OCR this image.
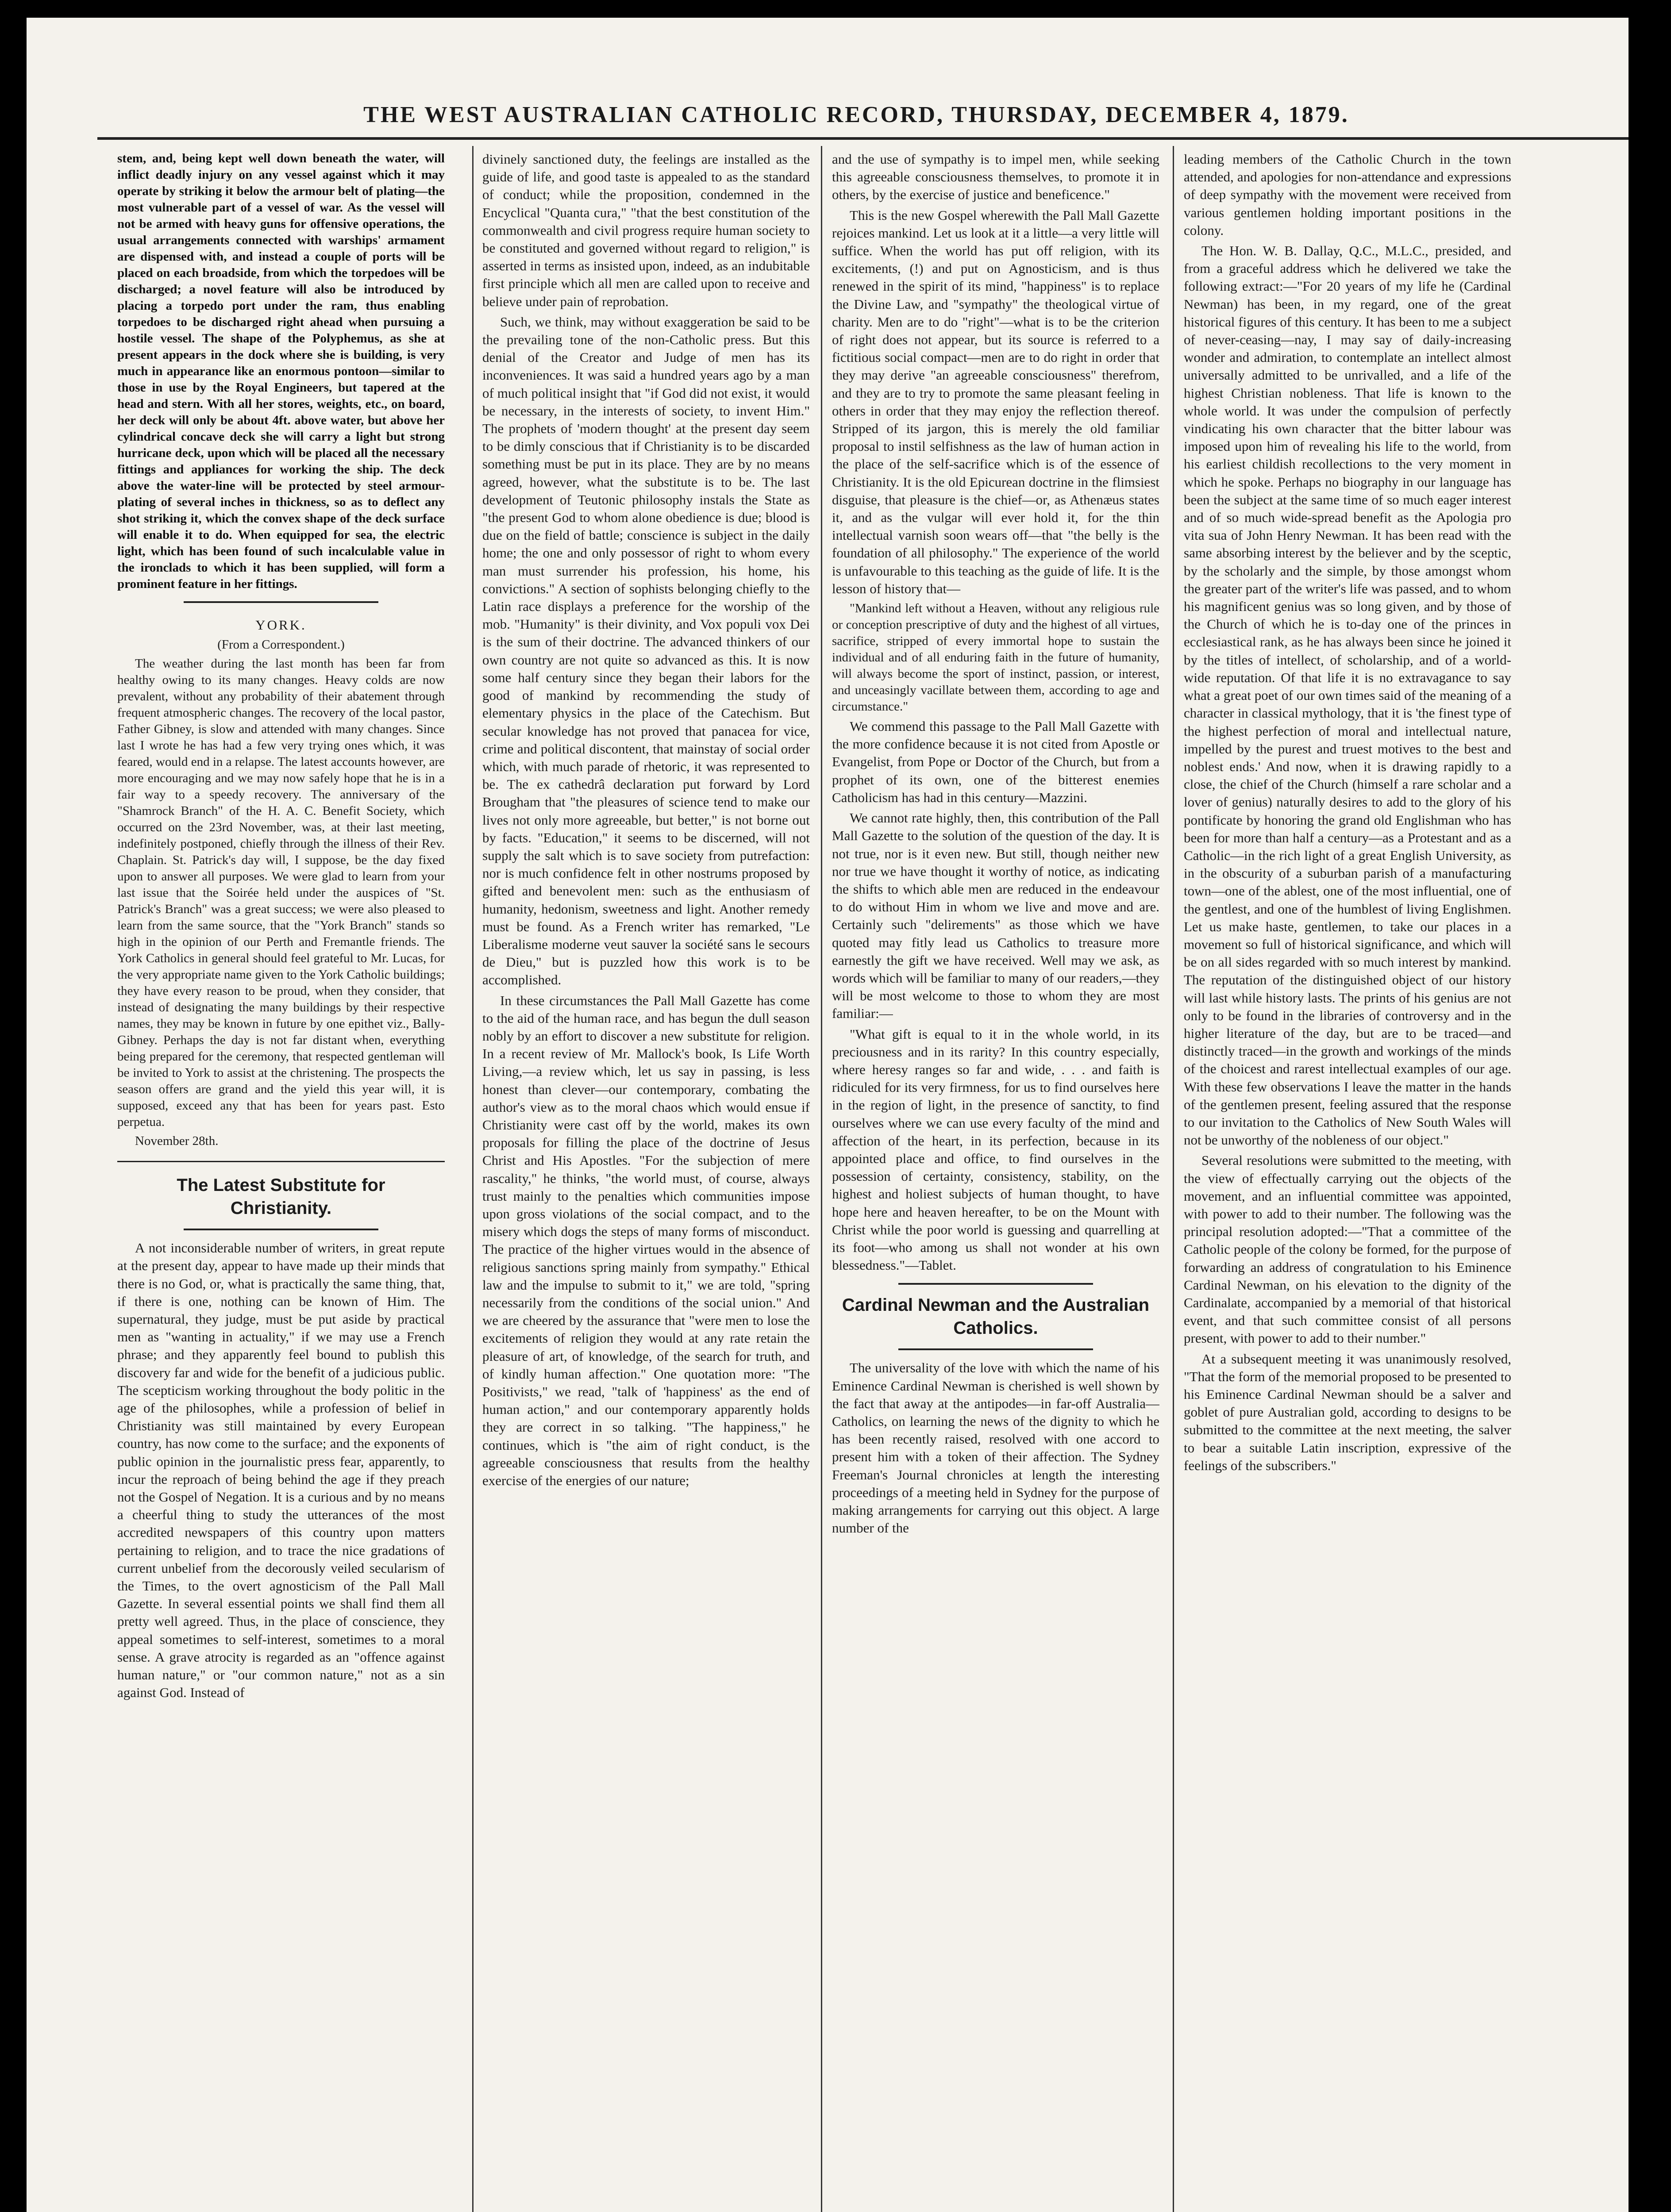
THE WEST AUSTRALIAN CATHOLIC RECORD, THURSDAY, DECEMBER 4, 1879.

stem, and, being kept well down beneath the water, will inflict deadly injury on any vessel against which it may operate by striking it below the armour belt of plating—the most vulnerable part of a vessel of war. As the vessel will not be armed with heavy guns for offensive operations, the usual arrangements connected with warships' armament are dispensed with, and instead a couple of ports will be placed on each broadside, from which the torpedoes will be discharged; a novel feature will also be introduced by placing a torpedo port under the ram, thus enabling torpedoes to be discharged right ahead when pursuing a hostile vessel. The shape of the Polyphemus, as she at present appears in the dock where she is building, is very much in appearance like an enormous pontoon—similar to those in use by the Royal Engineers, but tapered at the head and stern. With all her stores, weights, etc., on board, her deck will only be about 4ft. above water, but above her cylindrical concave deck she will carry a light but strong hurricane deck, upon which will be placed all the necessary fittings and appliances for working the ship. The deck above the water-line will be protected by steel armour-plating of several inches in thickness, so as to deflect any shot striking it, which the convex shape of the deck surface will enable it to do. When equipped for sea, the electric light, which has been found of such incalculable value in the ironclads to which it has been supplied, will form a prominent feature in her fittings.

YORK.

(From a Correspondent.)

The weather during the last month has been far from healthy owing to its many changes. Heavy colds are now prevalent, without any probability of their abatement through frequent atmospheric changes. The recovery of the local pastor, Father Gibney, is slow and attended with many changes. Since last I wrote he has had a few very trying ones which, it was feared, would end in a relapse. The latest accounts however, are more encouraging and we may now safely hope that he is in a fair way to a speedy recovery. The anniversary of the "Shamrock Branch" of the H. A. C. Benefit Society, which occurred on the 23rd November, was, at their last meeting, indefinitely postponed, chiefly through the illness of their Rev. Chaplain. St. Patrick's day will, I suppose, be the day fixed upon to answer all purposes. We were glad to learn from your last issue that the Soirée held under the auspices of "St. Patrick's Branch" was a great success; we were also pleased to learn from the same source, that the "York Branch" stands so high in the opinion of our Perth and Fremantle friends. The York Catholics in general should feel grateful to Mr. Lucas, for the very appropriate name given to the York Catholic buildings; they have every reason to be proud, when they consider, that instead of designating the many buildings by their respective names, they may be known in future by one epithet viz., Bally-Gibney. Perhaps the day is not far distant when, everything being prepared for the ceremony, that respected gentleman will be invited to York to assist at the christening. The prospects the season offers are grand and the yield this year will, it is supposed, exceed any that has been for years past. Esto perpetua.

November 28th.

The Latest Substitute for Christianity.

A not inconsiderable number of writers, in great repute at the present day, appear to have made up their minds that there is no God, or, what is practically the same thing, that, if there is one, nothing can be known of Him. The supernatural, they judge, must be put aside by practical men as "wanting in actuality," if we may use a French phrase; and they apparently feel bound to publish this discovery far and wide for the benefit of a judicious public. The scepticism working throughout the body politic in the age of the philosophes, while a profession of belief in Christianity was still maintained by every European country, has now come to the surface; and the exponents of public opinion in the journalistic press fear, apparently, to incur the reproach of being behind the age if they preach not the Gospel of Negation. It is a curious and by no means a cheerful thing to study the utterances of the most accredited newspapers of this country upon matters pertaining to religion, and to trace the nice gradations of current unbelief from the decorously veiled secularism of the Times, to the overt agnosticism of the Pall Mall Gazette. In several essential points we shall find them all pretty well agreed. Thus, in the place of conscience, they appeal sometimes to self-interest, sometimes to a moral sense. A grave atrocity is regarded as an "offence against human nature," or "our common nature," not as a sin against God. Instead of

divinely sanctioned duty, the feelings are installed as the guide of life, and good taste is appealed to as the standard of conduct; while the proposition, condemned in the Encyclical "Quanta cura," "that the best constitution of the commonwealth and civil progress require human society to be constituted and governed without regard to religion," is asserted in terms as insisted upon, indeed, as an indubitable first principle which all men are called upon to receive and believe under pain of reprobation.

Such, we think, may without exaggeration be said to be the prevailing tone of the non-Catholic press. But this denial of the Creator and Judge of men has its inconveniences. It was said a hundred years ago by a man of much political insight that "if God did not exist, it would be necessary, in the interests of society, to invent Him." The prophets of 'modern thought' at the present day seem to be dimly conscious that if Christianity is to be discarded something must be put in its place. They are by no means agreed, however, what the substitute is to be. The last development of Teutonic philosophy instals the State as "the present God to whom alone obedience is due; blood is due on the field of battle; conscience is subject in the daily home; the one and only possessor of right to whom every man must surrender his profession, his home, his convictions." A section of sophists belonging chiefly to the Latin race displays a preference for the worship of the mob. "Humanity" is their divinity, and Vox populi vox Dei is the sum of their doctrine. The advanced thinkers of our own country are not quite so advanced as this. It is now some half century since they began their labors for the good of mankind by recommending the study of elementary physics in the place of the Catechism. But secular knowledge has not proved that panacea for vice, crime and political discontent, that mainstay of social order which, with much parade of rhetoric, it was represented to be. The ex cathedrâ declaration put forward by Lord Brougham that "the pleasures of science tend to make our lives not only more agreeable, but better," is not borne out by facts. "Education," it seems to be discerned, will not supply the salt which is to save society from putrefaction: nor is much confidence felt in other nostrums proposed by gifted and benevolent men: such as the enthusiasm of humanity, hedonism, sweetness and light. Another remedy must be found. As a French writer has remarked, "Le Liberalisme moderne veut sauver la société sans le secours de Dieu," but is puzzled how this work is to be accomplished.

In these circumstances the Pall Mall Gazette has come to the aid of the human race, and has begun the dull season nobly by an effort to discover a new substitute for religion. In a recent review of Mr. Mallock's book, Is Life Worth Living,—a review which, let us say in passing, is less honest than clever—our contemporary, combating the author's view as to the moral chaos which would ensue if Christianity were cast off by the world, makes its own proposals for filling the place of the doctrine of Jesus Christ and His Apostles. "For the subjection of mere rascality," he thinks, "the world must, of course, always trust mainly to the penalties which communities impose upon gross violations of the social compact, and to the misery which dogs the steps of many forms of misconduct. The practice of the higher virtues would in the absence of religious sanctions spring mainly from sympathy." Ethical law and the impulse to submit to it," we are told, "spring necessarily from the conditions of the social union." And we are cheered by the assurance that "were men to lose the excitements of religion they would at any rate retain the pleasure of art, of knowledge, of the search for truth, and of kindly human affection." One quotation more: "The Positivists," we read, "talk of 'happiness' as the end of human action," and our contemporary apparently holds they are correct in so talking. "The happiness," he continues, which is "the aim of right conduct, is the agreeable consciousness that results from the healthy exercise of the energies of our nature;

and the use of sympathy is to impel men, while seeking this agreeable consciousness themselves, to promote it in others, by the exercise of justice and beneficence."

This is the new Gospel wherewith the Pall Mall Gazette rejoices mankind. Let us look at it a little—a very little will suffice. When the world has put off religion, with its excitements, (!) and put on Agnosticism, and is thus renewed in the spirit of its mind, "happiness" is to replace the Divine Law, and "sympathy" the theological virtue of charity. Men are to do "right"—what is to be the criterion of right does not appear, but its source is referred to a fictitious social compact—men are to do right in order that they may derive "an agreeable consciousness" therefrom, and they are to try to promote the same pleasant feeling in others in order that they may enjoy the reflection thereof. Stripped of its jargon, this is merely the old familiar proposal to instil selfishness as the law of human action in the place of the self-sacrifice which is of the essence of Christianity. It is the old Epicurean doctrine in the flimsiest disguise, that pleasure is the chief—or, as Athenæus states it, and as the vulgar will ever hold it, for the thin intellectual varnish soon wears off—that "the belly is the foundation of all philosophy." The experience of the world is unfavourable to this teaching as the guide of life. It is the lesson of history that—

"Mankind left without a Heaven, without any religious rule or conception prescriptive of duty and the highest of all virtues, sacrifice, stripped of every immortal hope to sustain the individual and of all enduring faith in the future of humanity, will always become the sport of instinct, passion, or interest, and unceasingly vacillate between them, according to age and circumstance."

We commend this passage to the Pall Mall Gazette with the more confidence because it is not cited from Apostle or Evangelist, from Pope or Doctor of the Church, but from a prophet of its own, one of the bitterest enemies Catholicism has had in this century—Mazzini.

We cannot rate highly, then, this contribution of the Pall Mall Gazette to the solution of the question of the day. It is not true, nor is it even new. But still, though neither new nor true we have thought it worthy of notice, as indicating the shifts to which able men are reduced in the endeavour to do without Him in whom we live and move and are. Certainly such "delirements" as those which we have quoted may fitly lead us Catholics to treasure more earnestly the gift we have received. Well may we ask, as words which will be familiar to many of our readers,—they will be most welcome to those to whom they are most familiar:—

"What gift is equal to it in the whole world, in its preciousness and in its rarity? In this country especially, where heresy ranges so far and wide, . . . and faith is ridiculed for its very firmness, for us to find ourselves here in the region of light, in the presence of sanctity, to find ourselves where we can use every faculty of the mind and affection of the heart, in its perfection, because in its appointed place and office, to find ourselves in the possession of certainty, consistency, stability, on the highest and holiest subjects of human thought, to have hope here and heaven hereafter, to be on the Mount with Christ while the poor world is guessing and quarrelling at its foot—who among us shall not wonder at his own blessedness."—Tablet.

Cardinal Newman and the Australian Catholics.

The universality of the love with which the name of his Eminence Cardinal Newman is cherished is well shown by the fact that away at the antipodes—in far-off Australia—Catholics, on learning the news of the dignity to which he has been recently raised, resolved with one accord to present him with a token of their affection. The Sydney Freeman's Journal chronicles at length the interesting proceedings of a meeting held in Sydney for the purpose of making arrangements for carrying out this object. A large number of the

leading members of the Catholic Church in the town attended, and apologies for non-attendance and expressions of deep sympathy with the movement were received from various gentlemen holding important positions in the colony.

The Hon. W. B. Dallay, Q.C., M.L.C., presided, and from a graceful address which he delivered we take the following extract:—"For 20 years of my life he (Cardinal Newman) has been, in my regard, one of the great historical figures of this century. It has been to me a subject of never-ceasing—nay, I may say of daily-increasing wonder and admiration, to contemplate an intellect almost universally admitted to be unrivalled, and a life of the highest Christian nobleness. That life is known to the whole world. It was under the compulsion of perfectly vindicating his own character that the bitter labour was imposed upon him of revealing his life to the world, from his earliest childish recollections to the very moment in which he spoke. Perhaps no biography in our language has been the subject at the same time of so much eager interest and of so much wide-spread benefit as the Apologia pro vita sua of John Henry Newman. It has been read with the same absorbing interest by the believer and by the sceptic, by the scholarly and the simple, by those amongst whom the greater part of the writer's life was passed, and to whom his magnificent genius was so long given, and by those of the Church of which he is to-day one of the princes in ecclesiastical rank, as he has always been since he joined it by the titles of intellect, of scholarship, and of a world-wide reputation. Of that life it is no extravagance to say what a great poet of our own times said of the meaning of a character in classical mythology, that it is 'the finest type of the highest perfection of moral and intellectual nature, impelled by the purest and truest motives to the best and noblest ends.' And now, when it is drawing rapidly to a close, the chief of the Church (himself a rare scholar and a lover of genius) naturally desires to add to the glory of his pontificate by honoring the grand old Englishman who has been for more than half a century—as a Protestant and as a Catholic—in the rich light of a great English University, as in the obscurity of a suburban parish of a manufacturing town—one of the ablest, one of the most influential, one of the gentlest, and one of the humblest of living Englishmen. Let us make haste, gentlemen, to take our places in a movement so full of historical significance, and which will be on all sides regarded with so much interest by mankind. The reputation of the distinguished object of our history will last while history lasts. The prints of his genius are not only to be found in the libraries of controversy and in the higher literature of the day, but are to be traced—and distinctly traced—in the growth and workings of the minds of the choicest and rarest intellectual examples of our age. With these few observations I leave the matter in the hands of the gentlemen present, feeling assured that the response to our invitation to the Catholics of New South Wales will not be unworthy of the nobleness of our object."

Several resolutions were submitted to the meeting, with the view of effectually carrying out the objects of the movement, and an influential committee was appointed, with power to add to their number. The following was the principal resolution adopted:—"That a committee of the Catholic people of the colony be formed, for the purpose of forwarding an address of congratulation to his Eminence Cardinal Newman, on his elevation to the dignity of the Cardinalate, accompanied by a memorial of that historical event, and that such committee consist of all persons present, with power to add to their number."

At a subsequent meeting it was unanimously resolved, "That the form of the memorial proposed to be presented to his Eminence Cardinal Newman should be a salver and goblet of pure Australian gold, according to designs to be submitted to the committee at the next meeting, the salver to bear a suitable Latin inscription, expressive of the feelings of the subscribers."
